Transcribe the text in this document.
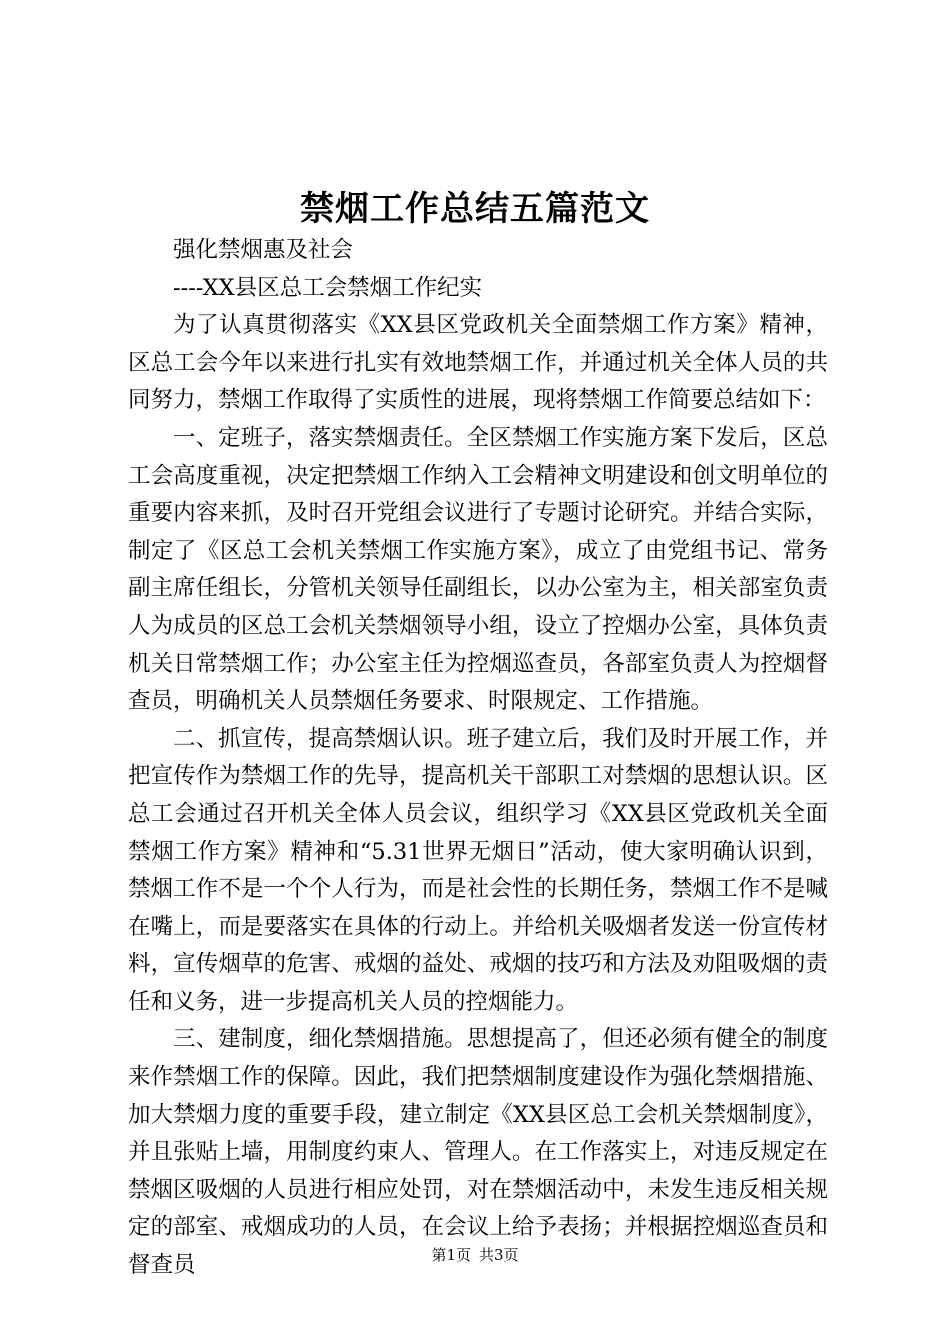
禁烟工作总结五篇范文

强化禁烟惠及社会

----XX县区总工会禁烟工作纪实

为了认真贯彻落实《XX县区党政机关全面禁烟工作方案》精神，区总工会今年以来进行扎实有效地禁烟工作，并通过机关全体人员的共同努力，禁烟工作取得了实质性的进展，现将禁烟工作简要总结如下：

一、定班子，落实禁烟责任。全区禁烟工作实施方案下发后，区总工会高度重视，决定把禁烟工作纳入工会精神文明建设和创文明单位的重要内容来抓，及时召开党组会议进行了专题讨论研究。并结合实际，制定了《区总工会机关禁烟工作实施方案》，成立了由党组书记、常务副主席任组长，分管机关领导任副组长，以办公室为主，相关部室负责人为成员的区总工会机关禁烟领导小组，设立了控烟办公室，具体负责机关日常禁烟工作；办公室主任为控烟巡查员，各部室负责人为控烟督查员，明确机关人员禁烟任务要求、时限规定、工作措施。

二、抓宣传，提高禁烟认识。班子建立后，我们及时开展工作，并把宣传作为禁烟工作的先导，提高机关干部职工对禁烟的思想认识。区总工会通过召开机关全体人员会议，组织学习《XX县区党政机关全面禁烟工作方案》精神和“5.31世界无烟日”活动，使大家明确认识到，禁烟工作不是一个个人行为，而是社会性的长期任务，禁烟工作不是喊在嘴上，而是要落实在具体的行动上。并给机关吸烟者发送一份宣传材料，宣传烟草的危害、戒烟的益处、戒烟的技巧和方法及劝阻吸烟的责任和义务，进一步提高机关人员的控烟能力。

三、建制度，细化禁烟措施。思想提高了，但还必须有健全的制度来作禁烟工作的保障。因此，我们把禁烟制度建设作为强化禁烟措施、加大禁烟力度的重要手段，建立制定《XX县区总工会机关禁烟制度》，并且张贴上墙，用制度约束人、管理人。在工作落实上，对违反规定在禁烟区吸烟的人员进行相应处罚，对在禁烟活动中，未发生违反相关规定的部室、戒烟成功的人员，在会议上给予表扬；并根据控烟巡查员和督查员	第1页 共3页
